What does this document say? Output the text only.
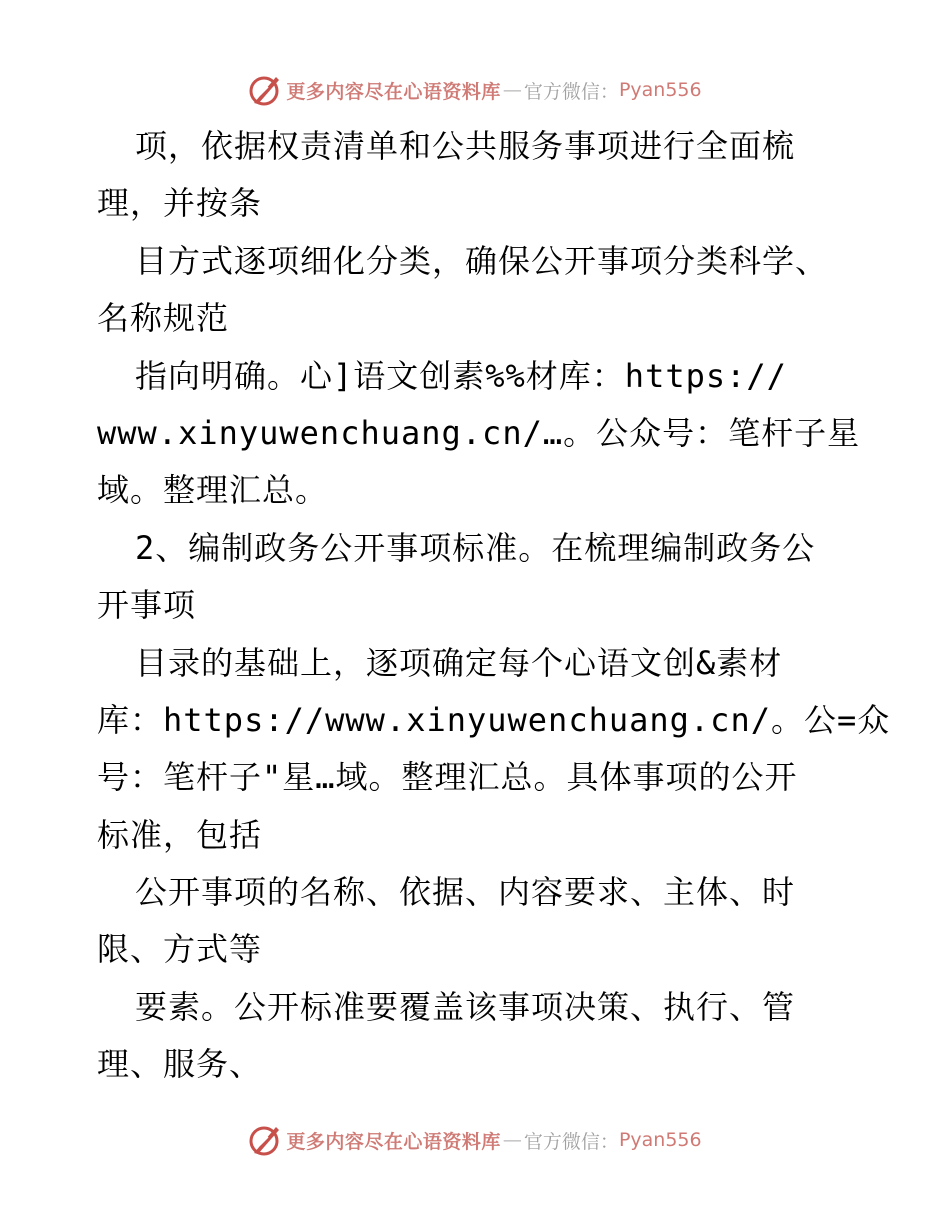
更多内容尽在心语资料库 — 官方微信： Pyan556
项，依据权责清单和公共服务事项进行全面梳
理，并按条
目方式逐项细化分类，确保公开事项分类科学、
名称规范
指向明确。心]语文创素%%材库：https://
www.xinyuwenchuang.cn/…。公众号：笔杆子星
域。整理汇总。
2、编制政务公开事项标准。在梳理编制政务公
开事项
目录的基础上，逐项确定每个心语文创&素材
库：https://www.xinyuwenchuang.cn/。公=众
号：笔杆子"星…域。整理汇总。具体事项的公开
标准，包括
公开事项的名称、依据、内容要求、主体、时
限、方式等
要素。公开标准要覆盖该事项决策、执行、管
理、服务、
更多内容尽在心语资料库 — 官方微信： Pyan556
